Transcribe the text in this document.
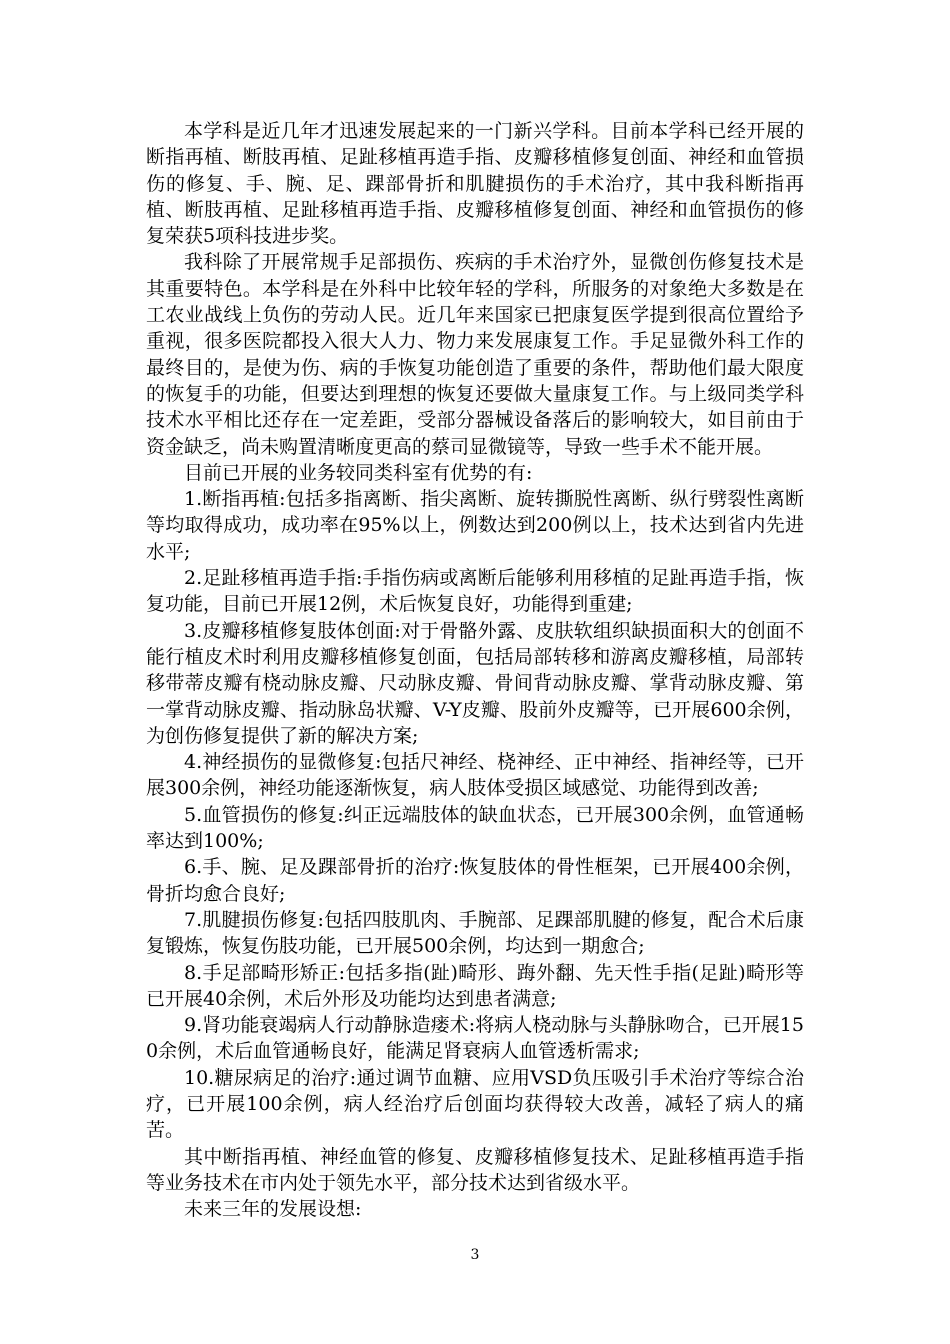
本学科是近几年才迅速发展起来的一门新兴学科。目前本学科已经开展的断指再植、断肢再植、足趾移植再造手指、皮瓣移植修复创面、神经和血管损伤的修复、手、腕、足、踝部骨折和肌腱损伤的手术治疗，其中我科断指再植、断肢再植、足趾移植再造手指、皮瓣移植修复创面、神经和血管损伤的修复荣获5项科技进步奖。

我科除了开展常规手足部损伤、疾病的手术治疗外，显微创伤修复技术是其重要特色。本学科是在外科中比较年轻的学科，所服务的对象绝大多数是在工农业战线上负伤的劳动人民。近几年来国家已把康复医学提到很高位置给予重视，很多医院都投入很大人力、物力来发展康复工作。手足显微外科工作的最终目的，是使为伤、病的手恢复功能创造了重要的条件，帮助他们最大限度的恢复手的功能，但要达到理想的恢复还要做大量康复工作。与上级同类学科技术水平相比还存在一定差距，受部分器械设备落后的影响较大，如目前由于资金缺乏，尚未购置清晰度更高的蔡司显微镜等，导致一些手术不能开展。

目前已开展的业务较同类科室有优势的有:

1.断指再植:包括多指离断、指尖离断、旋转撕脱性离断、纵行劈裂性离断等均取得成功，成功率在95%以上，例数达到200例以上，技术达到省内先进水平;

2.足趾移植再造手指:手指伤病或离断后能够利用移植的足趾再造手指，恢复功能，目前已开展12例，术后恢复良好，功能得到重建;

3.皮瓣移植修复肢体创面:对于骨骼外露、皮肤软组织缺损面积大的创面不能行植皮术时利用皮瓣移植修复创面，包括局部转移和游离皮瓣移植，局部转移带蒂皮瓣有桡动脉皮瓣、尺动脉皮瓣、骨间背动脉皮瓣、掌背动脉皮瓣、第一掌背动脉皮瓣、指动脉岛状瓣、V-Y皮瓣、股前外皮瓣等，已开展600余例，为创伤修复提供了新的解决方案;

4.神经损伤的显微修复:包括尺神经、桡神经、正中神经、指神经等，已开展300余例，神经功能逐渐恢复，病人肢体受损区域感觉、功能得到改善;

5.血管损伤的修复:纠正远端肢体的缺血状态，已开展300余例，血管通畅率达到100%;

6.手、腕、足及踝部骨折的治疗:恢复肢体的骨性框架，已开展400余例，骨折均愈合良好;

7.肌腱损伤修复:包括四肢肌肉、手腕部、足踝部肌腱的修复，配合术后康复锻炼，恢复伤肢功能，已开展500余例，均达到一期愈合;

8.手足部畸形矫正:包括多指(趾)畸形、踇外翻、先天性手指(足趾)畸形等已开展40余例，术后外形及功能均达到患者满意;

9.肾功能衰竭病人行动静脉造瘘术:将病人桡动脉与头静脉吻合，已开展150余例，术后血管通畅良好，能满足肾衰病人血管透析需求;

10.糖尿病足的治疗:通过调节血糖、应用VSD负压吸引手术治疗等综合治疗，已开展100余例，病人经治疗后创面均获得较大改善，减轻了病人的痛苦。

其中断指再植、神经血管的修复、皮瓣移植修复技术、足趾移植再造手指等业务技术在市内处于领先水平，部分技术达到省级水平。

未来三年的发展设想:

3
